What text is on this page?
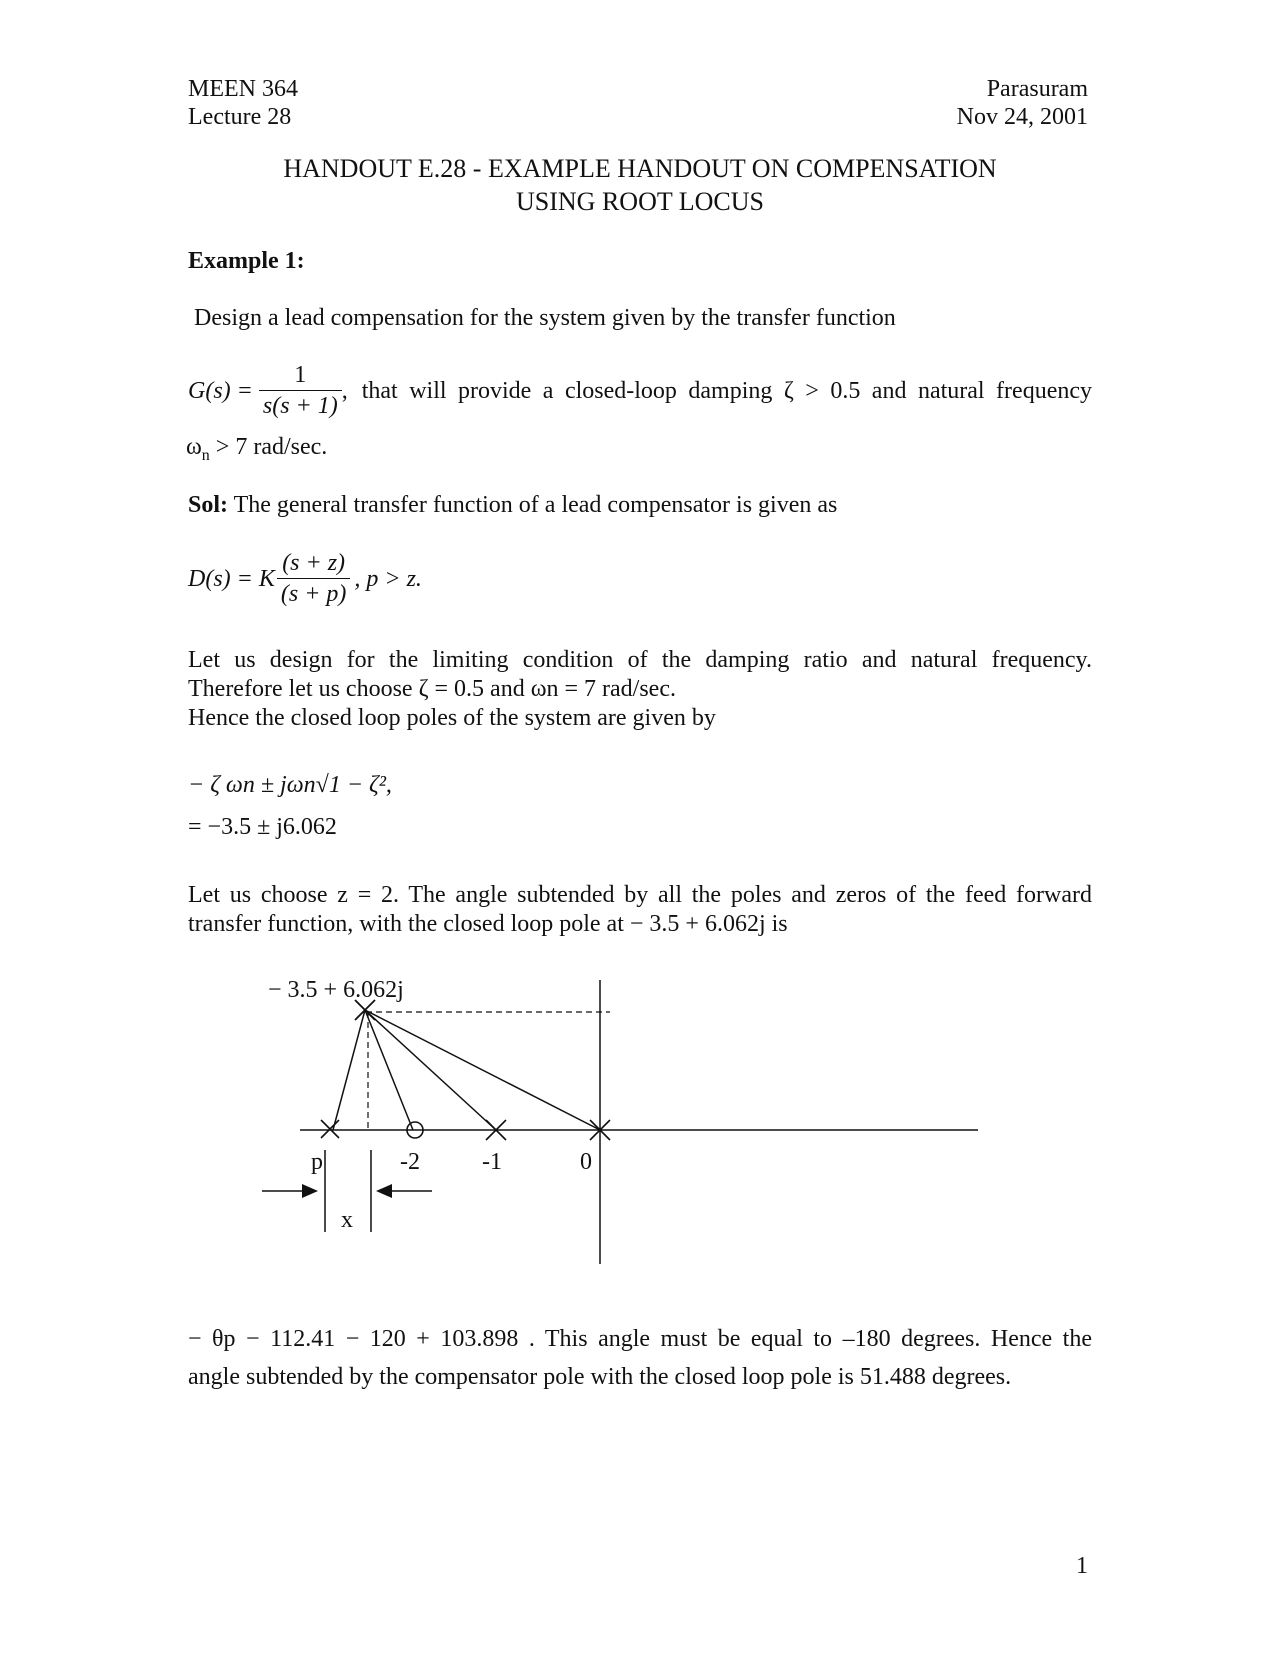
MEEN 364
Lecture 28
Parasuram
Nov 24, 2001
HANDOUT E.28 - EXAMPLE HANDOUT ON COMPENSATION
USING ROOT LOCUS
Example 1:
Design a lead compensation for the system given by the transfer function
$G(s) = \frac{1}{s(s + 1)}$ , that will provide a closed-loop damping ζ > 0.5 and natural frequency
$\omega_n > 7$ rad/sec.
Sol: The general transfer function of a lead compensator is given as
D(s) = K $\frac{(s + z)}{(s + p)}$ , p > z.
Let us design for the limiting condition of the damping ratio and natural frequency.
Therefore let us choose ζ = 0.5 and ωn = 7 rad/sec.
Hence the closed loop poles of the system are given by
− ζ ωn ± jωn√1 − ζ²,
= −3.5 ± j6.062
Let us choose z = 2. The angle subtended by all the poles and zeros of the feed forward
transfer function, with the closed loop pole at − 3.5 + 6.062j is
− 3.5 + 6.062j
p	-2	-1	0
x
− θp − 112.41 − 120 + 103.898 . This angle must be equal to –180 degrees. Hence the
angle subtended by the compensator pole with the closed loop pole is 51.488 degrees.
1
